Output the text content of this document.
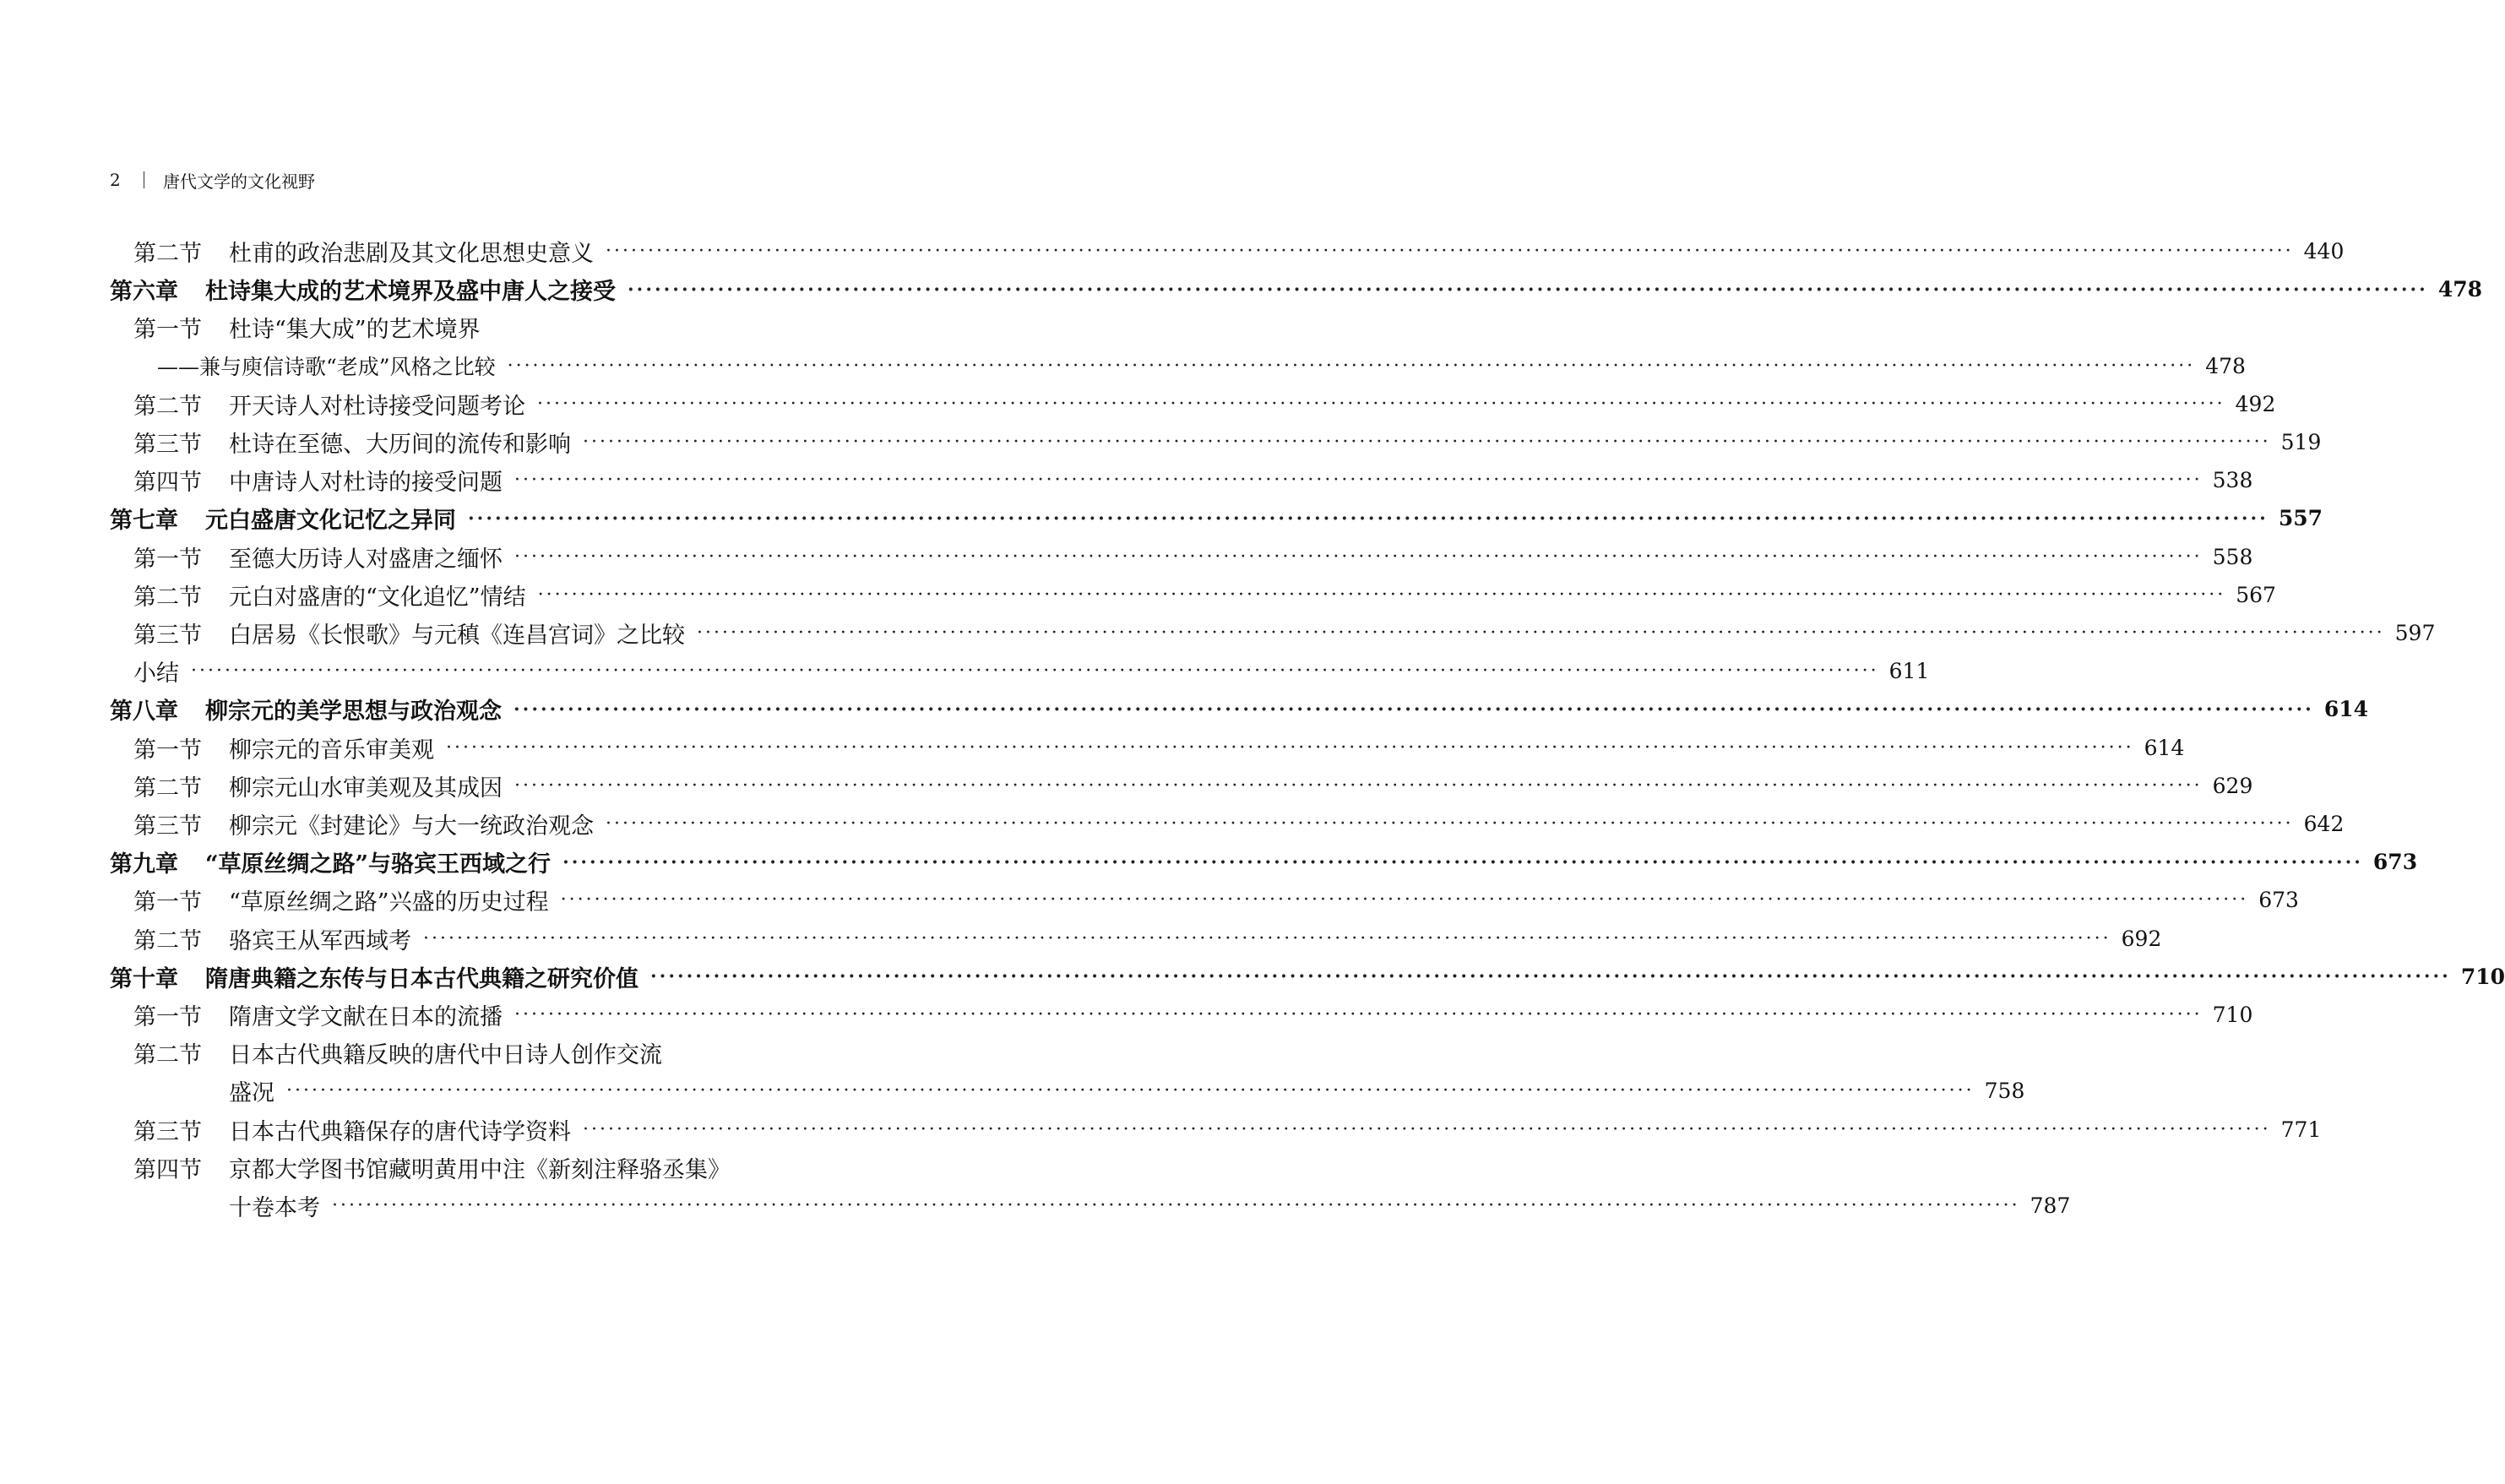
2	唐代文学的文化视野
第二节	杜甫的政治悲剧及其文化思想史意义 ········································································································································································································ 440
第六章	杜诗集大成的艺术境界及盛中唐人之接受 ········································································································································································································ 478
第一节	杜诗“集大成”的艺术境界
——兼与庾信诗歌“老成”风格之比较 ········································································································································································································ 478
第二节	开天诗人对杜诗接受问题考论 ········································································································································································································ 492
第三节	杜诗在至德、大历间的流传和影响 ········································································································································································································ 519
第四节	中唐诗人对杜诗的接受问题 ········································································································································································································ 538
第七章	元白盛唐文化记忆之异同 ········································································································································································································ 557
第一节	至德大历诗人对盛唐之缅怀 ········································································································································································································ 558
第二节	元白对盛唐的“文化追忆”情结 ········································································································································································································ 567
第三节	白居易《长恨歌》与元稹《连昌宫词》之比较 ········································································································································································································ 597
小结 ········································································································································································································ 611
第八章	柳宗元的美学思想与政治观念 ········································································································································································································ 614
第一节	柳宗元的音乐审美观 ········································································································································································································ 614
第二节	柳宗元山水审美观及其成因 ········································································································································································································ 629
第三节	柳宗元《封建论》与大一统政治观念 ········································································································································································································ 642
第九章	“草原丝绸之路”与骆宾王西域之行 ········································································································································································································ 673
第一节	“草原丝绸之路”兴盛的历史过程 ········································································································································································································ 673
第二节	骆宾王从军西域考 ········································································································································································································ 692
第十章	隋唐典籍之东传与日本古代典籍之研究价值 ········································································································································································································ 710
第一节	隋唐文学文献在日本的流播 ········································································································································································································ 710
第二节	日本古代典籍反映的唐代中日诗人创作交流
盛况 ········································································································································································································ 758
第三节	日本古代典籍保存的唐代诗学资料 ········································································································································································································ 771
第四节	京都大学图书馆藏明黄用中注《新刻注释骆丞集》
十卷本考 ········································································································································································································ 787
